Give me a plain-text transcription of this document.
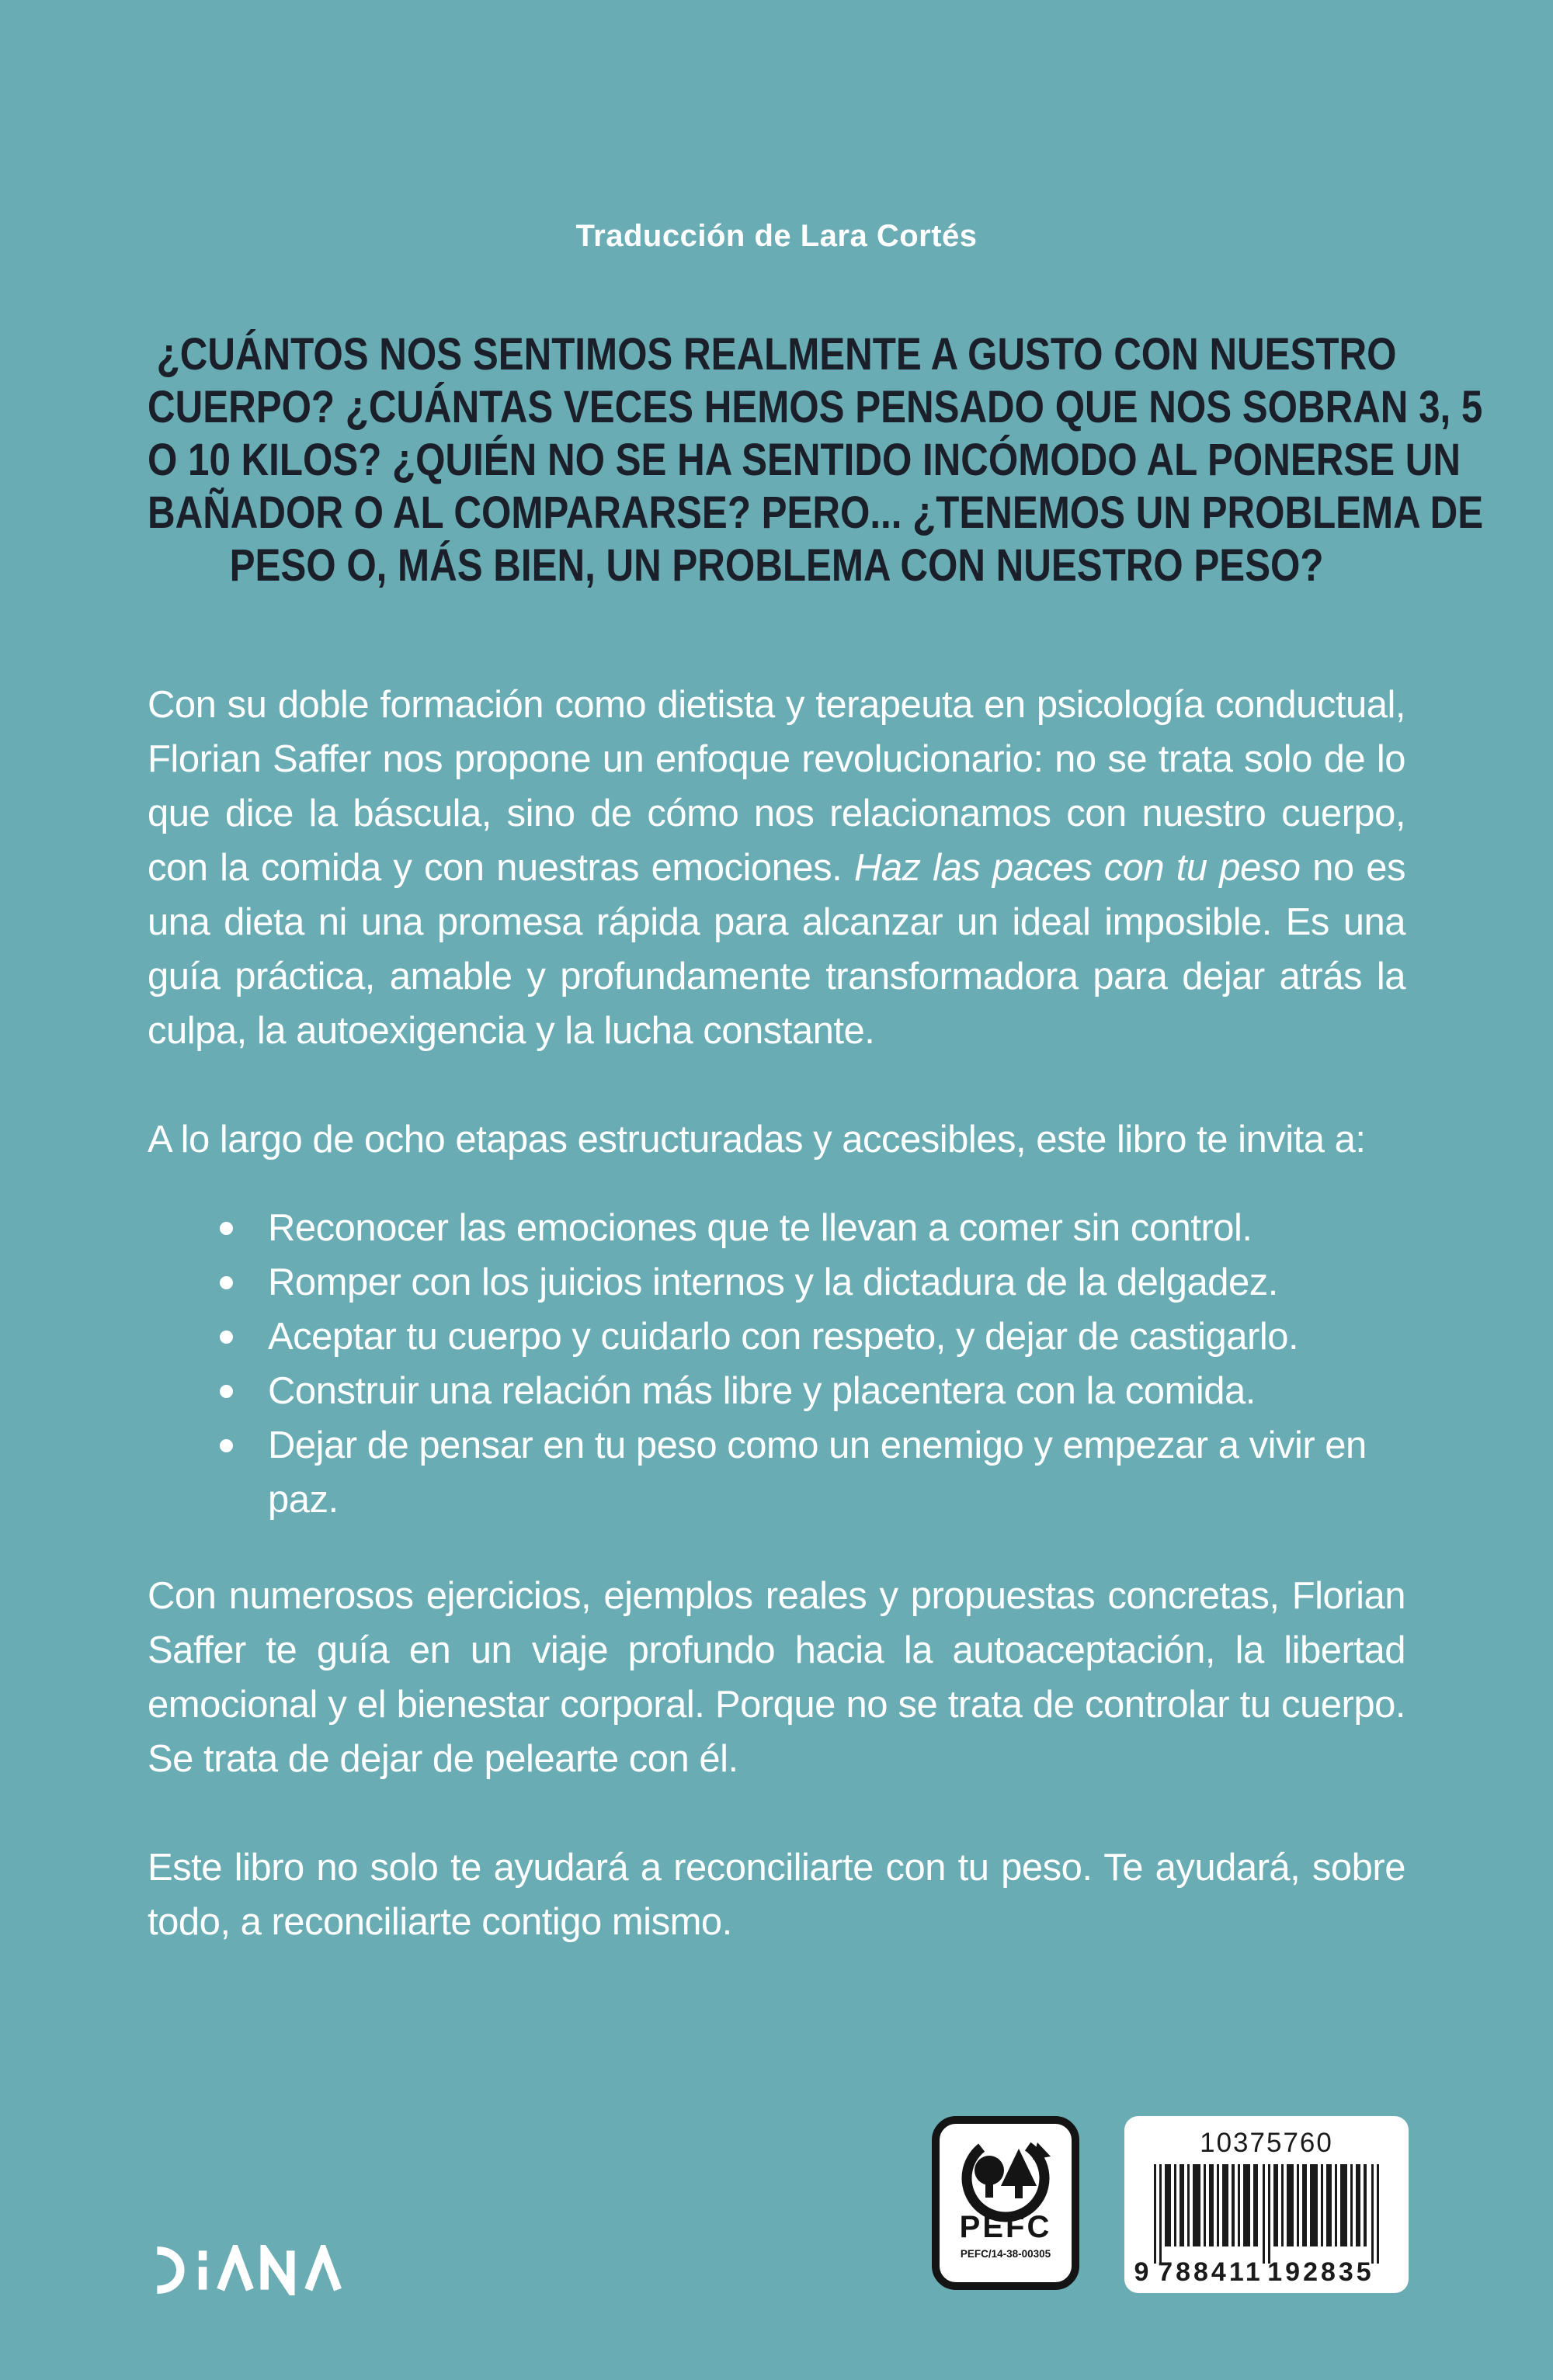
Traducción de Lara Cortés
¿CUÁNTOS NOS SENTIMOS REALMENTE A GUSTO CON NUESTRO
CUERPO? ¿CUÁNTAS VECES HEMOS PENSADO QUE NOS SOBRAN 3, 5
O 10 KILOS? ¿QUIÉN NO SE HA SENTIDO INCÓMODO AL PONERSE UN
BAÑADOR O AL COMPARARSE? PERO... ¿TENEMOS UN PROBLEMA DE
PESO O, MÁS BIEN, UN PROBLEMA CON NUESTRO PESO?

Con su doble formación como dietista y terapeuta en psicología conductual, Florian Saffer nos propone un enfoque revolucionario: no se trata solo de lo que dice la báscula, sino de cómo nos relacionamos con nuestro cuerpo, con la comida y con nuestras emociones. Haz las paces con tu peso no es una dieta ni una promesa rápida para alcanzar un ideal imposible. Es una guía práctica, amable y profundamente transformadora para dejar atrás la culpa, la autoexigencia y la lucha constante.

A lo largo de ocho etapas estructuradas y accesibles, este libro te invita a:

Reconocer las emociones que te llevan a comer sin control.
Romper con los juicios internos y la dictadura de la delgadez.
Aceptar tu cuerpo y cuidarlo con respeto, y dejar de castigarlo.
Construir una relación más libre y placentera con la comida.
Dejar de pensar en tu peso como un enemigo y empezar a vivir en paz.

Con numerosos ejercicios, ejemplos reales y propuestas concretas, Florian Saffer te guía en un viaje profundo hacia la autoaceptación, la libertad emocional y el bienestar corporal. Porque no se trata de controlar tu cuerpo. Se trata de dejar de pelearte con él.

Este libro no solo te ayudará a reconciliarte con tu peso. Te ayudará, sobre todo, a reconciliarte contigo mismo.

PEFC
PEFC/14-38-00305
10375760
9 788411 192835
